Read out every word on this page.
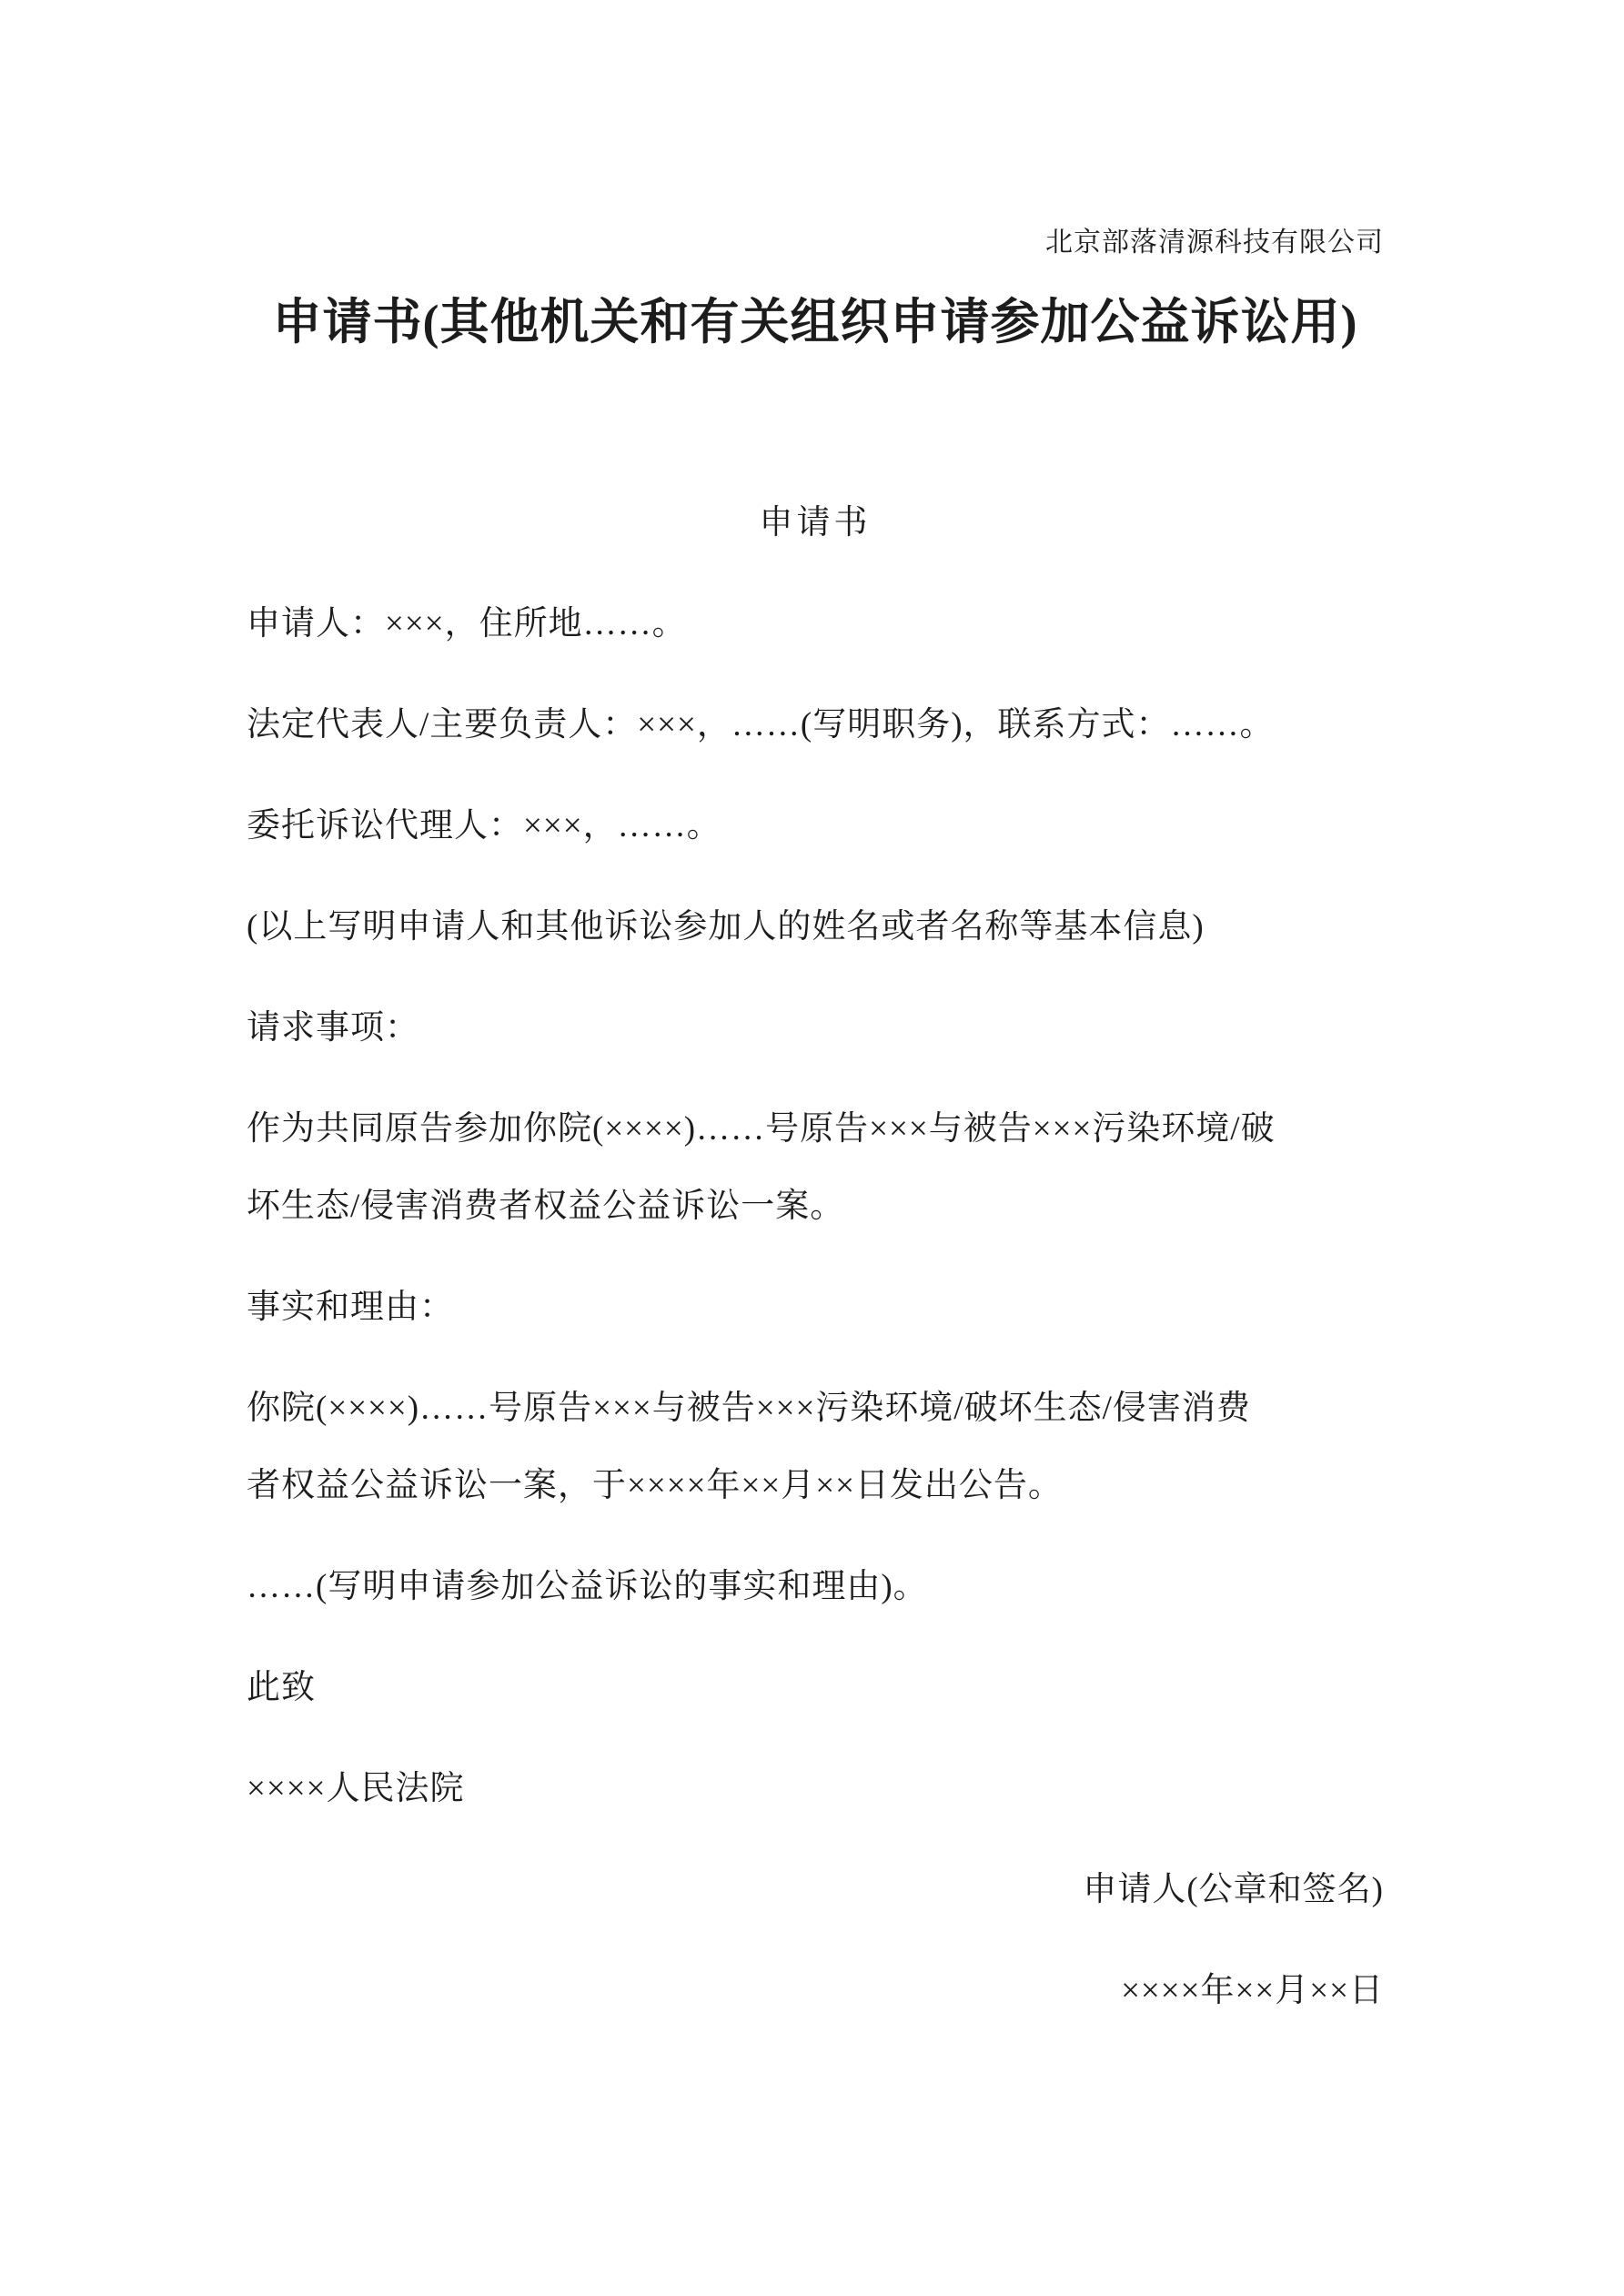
北京部落清源科技有限公司
申请书(其他机关和有关组织申请参加公益诉讼用)
申请书
申请人：×××，住所地……。
法定代表人/主要负责人：×××，……(写明职务)，联系方式：……。
委托诉讼代理人：×××，……。
(以上写明申请人和其他诉讼参加人的姓名或者名称等基本信息)
请求事项：
作为共同原告参加你院(××××)……号原告×××与被告×××污染环境/破
坏生态/侵害消费者权益公益诉讼一案。
事实和理由：
你院(××××)……号原告×××与被告×××污染环境/破坏生态/侵害消费
者权益公益诉讼一案，于××××年××月××日发出公告。
……(写明申请参加公益诉讼的事实和理由)。
此致
××××人民法院
申请人(公章和签名)
××××年××月××日
